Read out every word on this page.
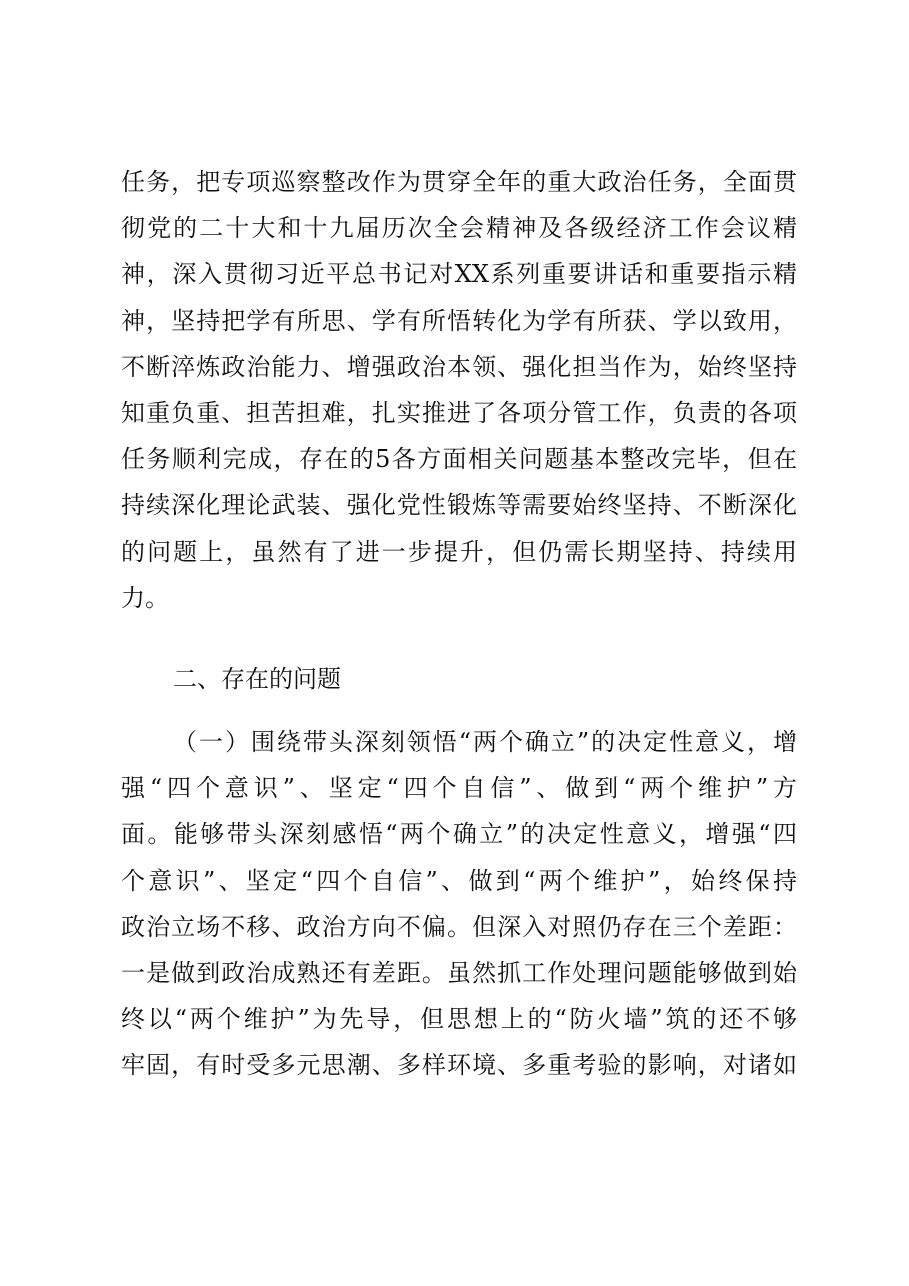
任务，把专项巡察整改作为贯穿全年的重大政治任务，全面贯
彻党的二十大和十九届历次全会精神及各级经济工作会议精
神，深入贯彻习近平总书记对XX系列重要讲话和重要指示精
神，坚持把学有所思、学有所悟转化为学有所获、学以致用，
不断淬炼政治能力、增强政治本领、强化担当作为，始终坚持
知重负重、担苦担难，扎实推进了各项分管工作，负责的各项
任务顺利完成，存在的5各方面相关问题基本整改完毕，但在
持续深化理论武装、强化党性锻炼等需要始终坚持、不断深化
的问题上，虽然有了进一步提升，但仍需长期坚持、持续用
力。
二、存在的问题
（一）围绕带头深刻领悟“两个确立”的决定性意义，增
强“四个意识”、坚定“四个自信”、做到“两个维护”方
面。能够带头深刻感悟“两个确立”的决定性意义，增强“四
个意识”、坚定“四个自信”、做到“两个维护”，始终保持
政治立场不移、政治方向不偏。但深入对照仍存在三个差距：
一是做到政治成熟还有差距。虽然抓工作处理问题能够做到始
终以“两个维护”为先导，但思想上的“防火墙”筑的还不够
牢固，有时受多元思潮、多样环境、多重考验的影响，对诸如
